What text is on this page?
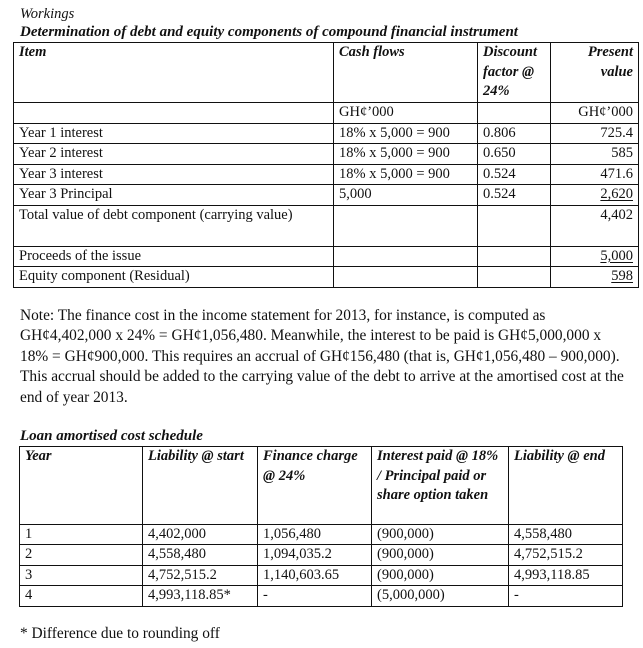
Workings
Determination of debt and equity components of compound financial instrument
Item	Cash flows	Discount factor @ 24%	Present value
	GH¢’000		GH¢’000
Year 1 interest	18% x 5,000 = 900	0.806	725.4
Year 2 interest	18% x 5,000 = 900	0.650	585
Year 3 interest	18% x 5,000 = 900	0.524	471.6
Year 3 Principal	5,000	0.524	2,620
Total value of debt component (carrying value)			4,402
Proceeds of the issue			5,000
Equity component (Residual)			598
Note: The finance cost in the income statement for 2013, for instance, is computed as GH¢4,402,000 x 24% = GH¢1,056,480. Meanwhile, the interest to be paid is GH¢5,000,000 x 18% = GH¢900,000. This requires an accrual of GH¢156,480 (that is, GH¢1,056,480 – 900,000). This accrual should be added to the carrying value of the debt to arrive at the amortised cost at the end of year 2013.
Loan amortised cost schedule
Year	Liability @ start	Finance charge @ 24%	Interest paid @ 18% / Principal paid or share option taken	Liability @ end
1	4,402,000	1,056,480	(900,000)	4,558,480
2	4,558,480	1,094,035.2	(900,000)	4,752,515.2
3	4,752,515.2	1,140,603.65	(900,000)	4,993,118.85
4	4,993,118.85*	-	(5,000,000)	-
* Difference due to rounding off
